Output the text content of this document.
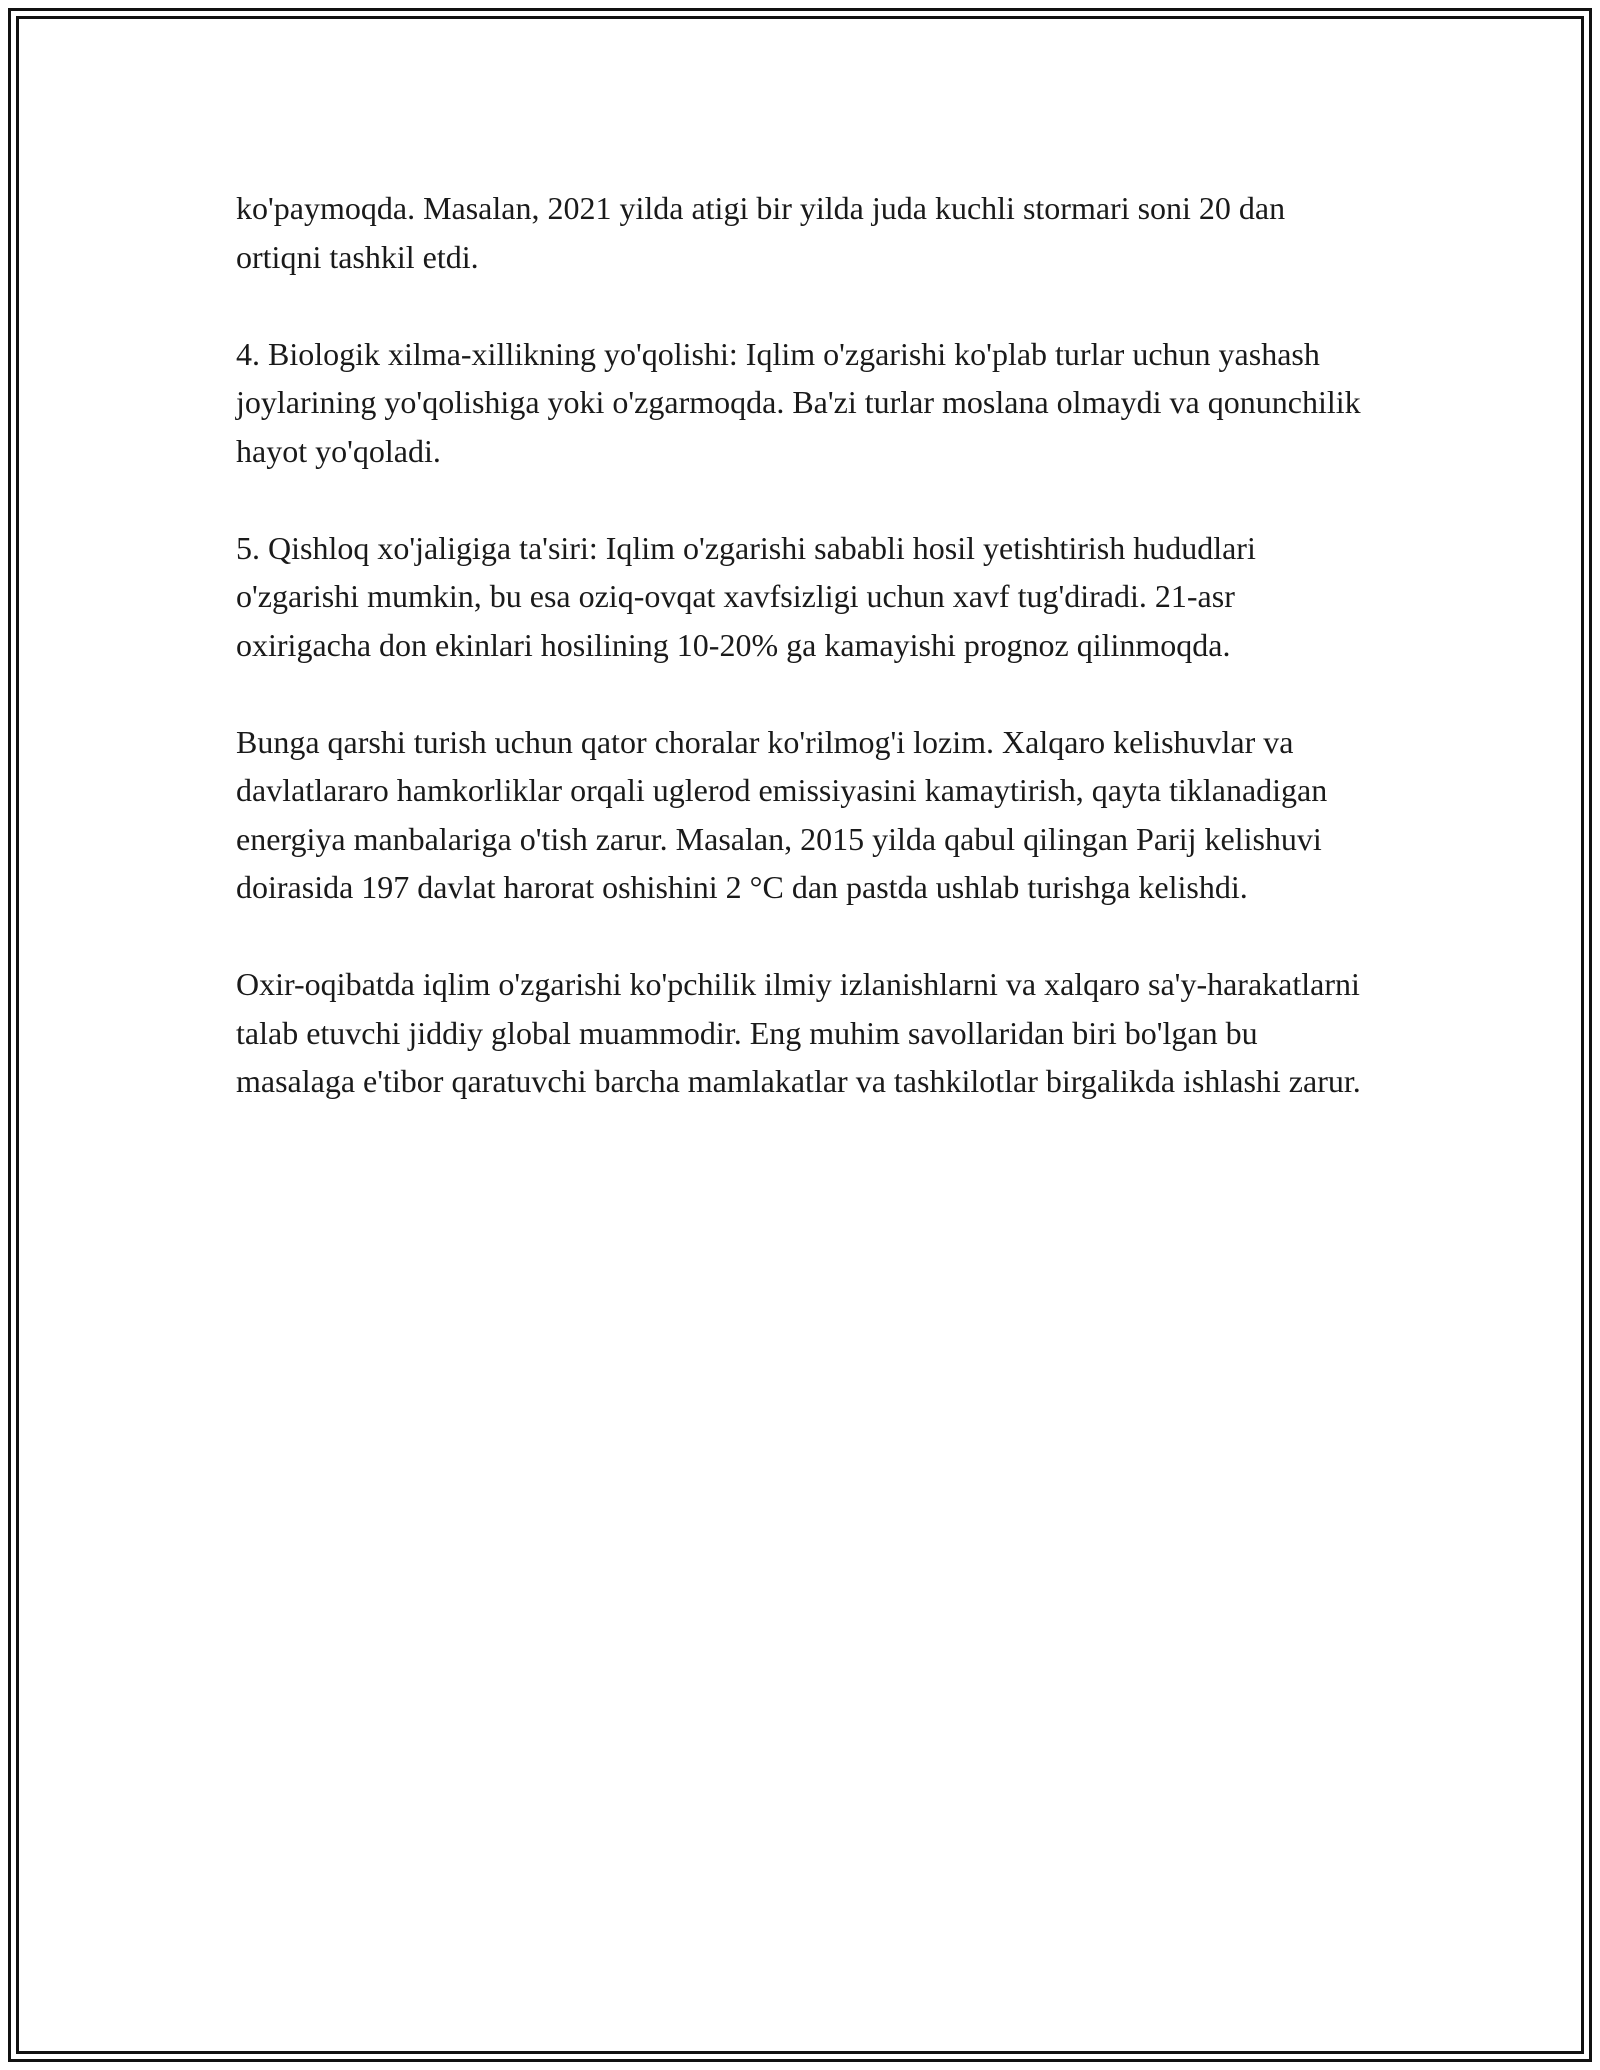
ko'paymoqda. Masalan, 2021 yilda atigi bir yilda juda kuchli stormari soni 20 dan ortiqni tashkil etdi.

4. Biologik xilma-xillikning yo'qolishi: Iqlim o'zgarishi ko'plab turlar uchun yashash joylarining yo'qolishiga yoki o'zgarmoqda. Ba'zi turlar moslana olmaydi va qonunchilik hayot yo'qoladi.

5. Qishloq xo'jaligiga ta'siri: Iqlim o'zgarishi sababli hosil yetishtirish hududlari o'zgarishi mumkin, bu esa oziq-ovqat xavfsizligi uchun xavf tug'diradi. 21-asr oxirigacha don ekinlari hosilining 10-20% ga kamayishi prognoz qilinmoqda.

Bunga qarshi turish uchun qator choralar ko'rilmog'i lozim. Xalqaro kelishuvlar va davlatlararo hamkorliklar orqali uglerod emissiyasini kamaytirish, qayta tiklanadigan energiya manbalariga o'tish zarur. Masalan, 2015 yilda qabul qilingan Parij kelishuvi doirasida 197 davlat harorat oshishini 2 °C dan pastda ushlab turishga kelishdi.

Oxir-oqibatda iqlim o'zgarishi ko'pchilik ilmiy izlanishlarni va xalqaro sa'y-harakatlarni talab etuvchi jiddiy global muammodir. Eng muhim savollaridan biri bo'lgan bu masalaga e'tibor qaratuvchi barcha mamlakatlar va tashkilotlar birgalikda ishlashi zarur.
